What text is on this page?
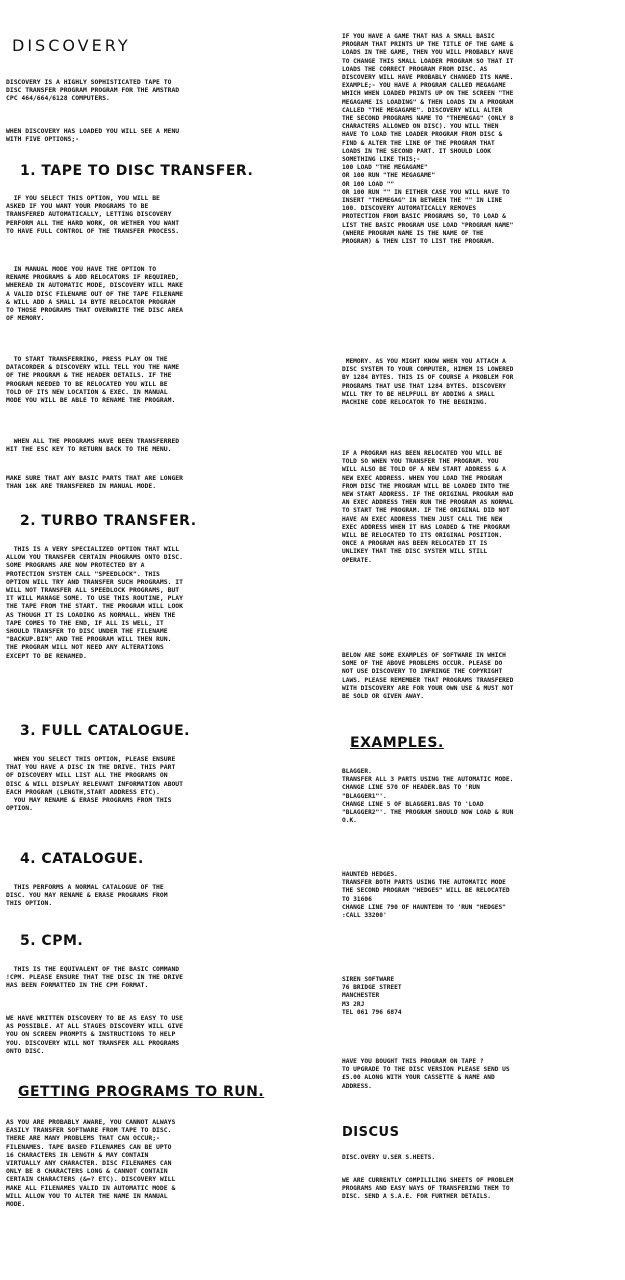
DISCOVERY

DISCOVERY IS A HIGHLY SOPHISTICATED TAPE TO
DISC TRANSFER PROGRAM PROGRAM FOR THE AMSTRAD
CPC 464/664/6128 COMPUTERS.

WHEN DISCOVERY HAS LOADED YOU WILL SEE A MENU
WITH FIVE OPTIONS;-

1. TAPE TO DISC TRANSFER.

IF YOU SELECT THIS OPTION, YOU WILL BE
ASKED IF YOU WANT YOUR PROGRAMS TO BE
TRANSFERED AUTOMATICALLY, LETTING DISCOVERY
PERFORM ALL THE HARD WORK, OR WETHER YOU WANT
TO HAVE FULL CONTROL OF THE TRANSFER PROCESS.

IN MANUAL MODE YOU HAVE THE OPTION TO
RENAME PROGRAMS & ADD RELOCATORS IF REQUIRED,
WHEREAD IN AUTOMATIC MODE, DISCOVERY WILL MAKE
A VALID DISC FILENAME OUT OF THE TAPE FILENAME
& WILL ADD A SMALL 14 BYTE RELOCATOR PROGRAM
TO THOSE PROGRAMS THAT OVERWRITE THE DISC AREA
OF MEMORY.

TO START TRANSFERRING, PRESS PLAY ON THE
DATACORDER & DISCOVERY WILL TELL YOU THE NAME
OF THE PROGRAM & THE HEADER DETAILS. IF THE
PROGRAM NEEDED TO BE RELOCATED YOU WILL BE
TOLD OF ITS NEW LOCATION & EXEC. IN MANUAL
MODE YOU WILL BE ABLE TO RENAME THE PROGRAM.

WHEN ALL THE PROGRAMS HAVE BEEN TRANSFERRED
HIT THE ESC KEY TO RETURN BACK TO THE MENU.

MAKE SURE THAT ANY BASIC PARTS THAT ARE LONGER
THAN 16K ARE TRANSFERED IN MANUAL MODE.

2. TURBO TRANSFER.

THIS IS A VERY SPECIALIZED OPTION THAT WILL
ALLOW YOU TRANSFER CERTAIN PROGRAMS ONTO DISC.
SOME PROGRAMS ARE NOW PROTECTED BY A
PROTECTION SYSTEM CALL "SPEEDLOCK". THIS
OPTION WILL TRY AND TRANSFER SUCH PROGRAMS. IT
WILL NOT TRANSFER ALL SPEEDLOCK PROGRAMS, BUT
IT WILL MANAGE SOME. TO USE THIS ROUTINE, PLAY
THE TAPE FROM THE START. THE PROGRAM WILL LOOK
AS THOUGH IT IS LOADING AS NORMALL. WHEN THE
TAPE COMES TO THE END, IF ALL IS WELL, IT
SHOULD TRANSFER TO DISC UNDER THE FILENAME
"BACKUP.BIN" AND THE PROGRAM WILL THEN RUN.
THE PROGRAM WILL NOT NEED ANY ALTERATIONS
EXCEPT TO BE RENAMED.

3. FULL CATALOGUE.

WHEN YOU SELECT THIS OPTION, PLEASE ENSURE
THAT YOU HAVE A DISC IN THE DRIVE. THIS PART
OF DISCOVERY WILL LIST ALL THE PROGRAMS ON
DISC & WILL DISPLAY RELEVANT INFORMATION ABOUT
EACH PROGRAM (LENGTH,START ADDRESS ETC).
YOU MAY RENAME & ERASE PROGRAMS FROM THIS
OPTION.

4. CATALOGUE.

THIS PERFORMS A NORMAL CATALOGUE OF THE
DISC. YOU MAY RENAME & ERASE PROGRAMS FROM
THIS OPTION.

5. CPM.

THIS IS THE EQUIVALENT OF THE BASIC COMMAND
!CPM. PLEASE ENSURE THAT THE DISC IN THE DRIVE
HAS BEEN FORMATTED IN THE CPM FORMAT.

WE HAVE WRITTEN DISCOVERY TO BE AS EASY TO USE
AS POSSIBLE. AT ALL STAGES DISCOVERY WILL GIVE
YOU ON SCREEN PROMPTS & INSTRUCTIONS TO HELP
YOU. DISCOVERY WILL NOT TRANSFER ALL PROGRAMS
ONTO DISC.

GETTING PROGRAMS TO RUN.

AS YOU ARE PROBABLY AWARE, YOU CANNOT ALWAYS
EASILY TRANSFER SOFTWARE FROM TAPE TO DISC.
THERE ARE MANY PROBLEMS THAT CAN OCCUR;-
FILENAMES. TAPE BASED FILENAMES CAN BE UPTO
16 CHARACTERS IN LENGTH & MAY CONTAIN
VIRTUALLY ANY CHARACTER. DISC FILENAMES CAN
ONLY BE 8 CHARACTERS LONG & CANNOT CONTAIN
CERTAIN CHARACTERS (&=? ETC). DISCOVERY WILL
MAKE ALL FILENAMES VALID IN AUTOMATIC MODE &
WILL ALLOW YOU TO ALTER THE NAME IN MANUAL
MODE.

IF YOU HAVE A GAME THAT HAS A SMALL BASIC
PROGRAM THAT PRINTS UP THE TITLE OF THE GAME &
LOADS IN THE GAME, THEN YOU WILL PROBABLY HAVE
TO CHANGE THIS SMALL LOADER PROGRAM SO THAT IT
LOADS THE CORRECT PROGRAM FROM DISC. AS
DISCOVERY WILL HAVE PROBABLY CHANGED ITS NAME.
EXAMPLE;- YOU HAVE A PROGRAM CALLED MEGAGAME
WHICH WHEN LOADED PRINTS UP ON THE SCREEN "THE
MEGAGAME IS LOADING" & THEN LOADS IN A PROGRAM
CALLED "THE MEGAGAME". DISCOVERY WILL ALTER
THE SECOND PROGRAMS NAME TO "THEMEGAG" (ONLY 8
CHARACTERS ALLOWED ON DISC). YOU WILL THEN
HAVE TO LOAD THE LOADER PROGRAM FROM DISC &
FIND & ALTER THE LINE OF THE PROGRAM THAT
LOADS IN THE SECOND PART. IT SHOULD LOOK
SOMETHING LIKE THIS;-
100 LOAD "THE MEGAGAME"
OR 100 RUN "THE MEGAGAME"
OR 100 LOAD ""
OR 100 RUN "" IN EITHER CASE YOU WILL HAVE TO
INSERT "THEMEGAG" IN BETWEEN THE "" IN LINE
100. DISCOVERY AUTOMATICALLY REMOVES
PROTECTION FROM BASIC PROGRAMS SO, TO LOAD &
LIST THE BASIC PROGRAM USE LOAD "PROGRAM NAME"
(WHERE PROGRAM NAME IS THE NAME OF THE
PROGRAM) & THEN LIST TO LIST THE PROGRAM.

MEMORY. AS YOU MIGHT KNOW WHEN YOU ATTACH A
DISC SYSTEM TO YOUR COMPUTER, HIMEM IS LOWERED
BY 1284 BYTES. THIS IS OF COURSE A PROBLEM FOR
PROGRAMS THAT USE THAT 1284 BYTES. DISCOVERY
WILL TRY TO BE HELPFULL BY ADDING A SMALL
MACHINE CODE RELOCATOR TO THE BEGINING.

IF A PROGRAM HAS BEEN RELOCATED YOU WILL BE
TOLD SO WHEN YOU TRANSFER THE PROGRAM. YOU
WILL ALSO BE TOLD OF A NEW START ADDRESS & A
NEW EXEC ADDRESS. WHEN YOU LOAD THE PROGRAM
FROM DISC THE PROGRAM WILL BE LOADED INTO THE
NEW START ADDRESS. IF THE ORIGINAL PROGRAM HAD
AN EXEC ADDRESS THEN RUN THE PROGRAM AS NORMAL
TO START THE PROGRAM. IF THE ORIGINAL DID NOT
HAVE AN EXEC ADDRESS THEN JUST CALL THE NEW
EXEC ADDRESS WHEN IT HAS LOADED & THE PROGRAM
WILL BE RELOCATED TO ITS ORIGINAL POSITION.
ONCE A PROGRAM HAS BEEN RELOCATED IT IS
UNLIKEY THAT THE DISC SYSTEM WILL STILL
OPERATE.

BELOW ARE SOME EXAMPLES OF SOFTWARE IN WHICH
SOME OF THE ABOVE PROBLEMS OCCUR. PLEASE DO
NOT USE DISCOVERY TO INFRINGE THE COPYRIGHT
LAWS. PLEASE REMEMBER THAT PROGRAMS TRANSFERED
WITH DISCOVERY ARE FOR YOUR OWN USE & MUST NOT
BE SOLD OR GIVEN AWAY.

EXAMPLES.

BLAGGER.
TRANSFER ALL 3 PARTS USING THE AUTOMATIC MODE.
CHANGE LINE 570 OF HEADER.BAS TO 'RUN
"BLAGGER1"'.
CHANGE LINE 5 OF BLAGGER1.BAS TO 'LOAD
"BLAGGER2"'. THE PROGRAM SHOULD NOW LOAD & RUN
O.K.

HAUNTED HEDGES.
TRANSFER BOTH PARTS USING THE AUTOMATIC MODE
THE SECOND PROGRAM "HEDGES" WILL BE RELOCATED
TO 31606
CHANGE LINE 790 OF HAUNTEDH TO 'RUN "HEDGES"
:CALL 33200'

SIREN SOFTWARE
76 BRIDGE STREET
MANCHESTER
M3 2RJ
TEL 061 796 6874

HAVE YOU BOUGHT THIS PROGRAM ON TAPE ?
TO UPGRADE TO THE DISC VERSION PLEASE SEND US
£5.00 ALONG WITH YOUR CASSETTE & NAME AND
ADDRESS.

DISCUS

DISC.OVERY U.SER S.HEETS.

WE ARE CURRENTLY COMPILILING SHEETS OF PROBLEM
PROGRAMS AND EASY WAYS OF TRANSFERING THEM TO
DISC. SEND A S.A.E. FOR FURTHER DETAILS.
